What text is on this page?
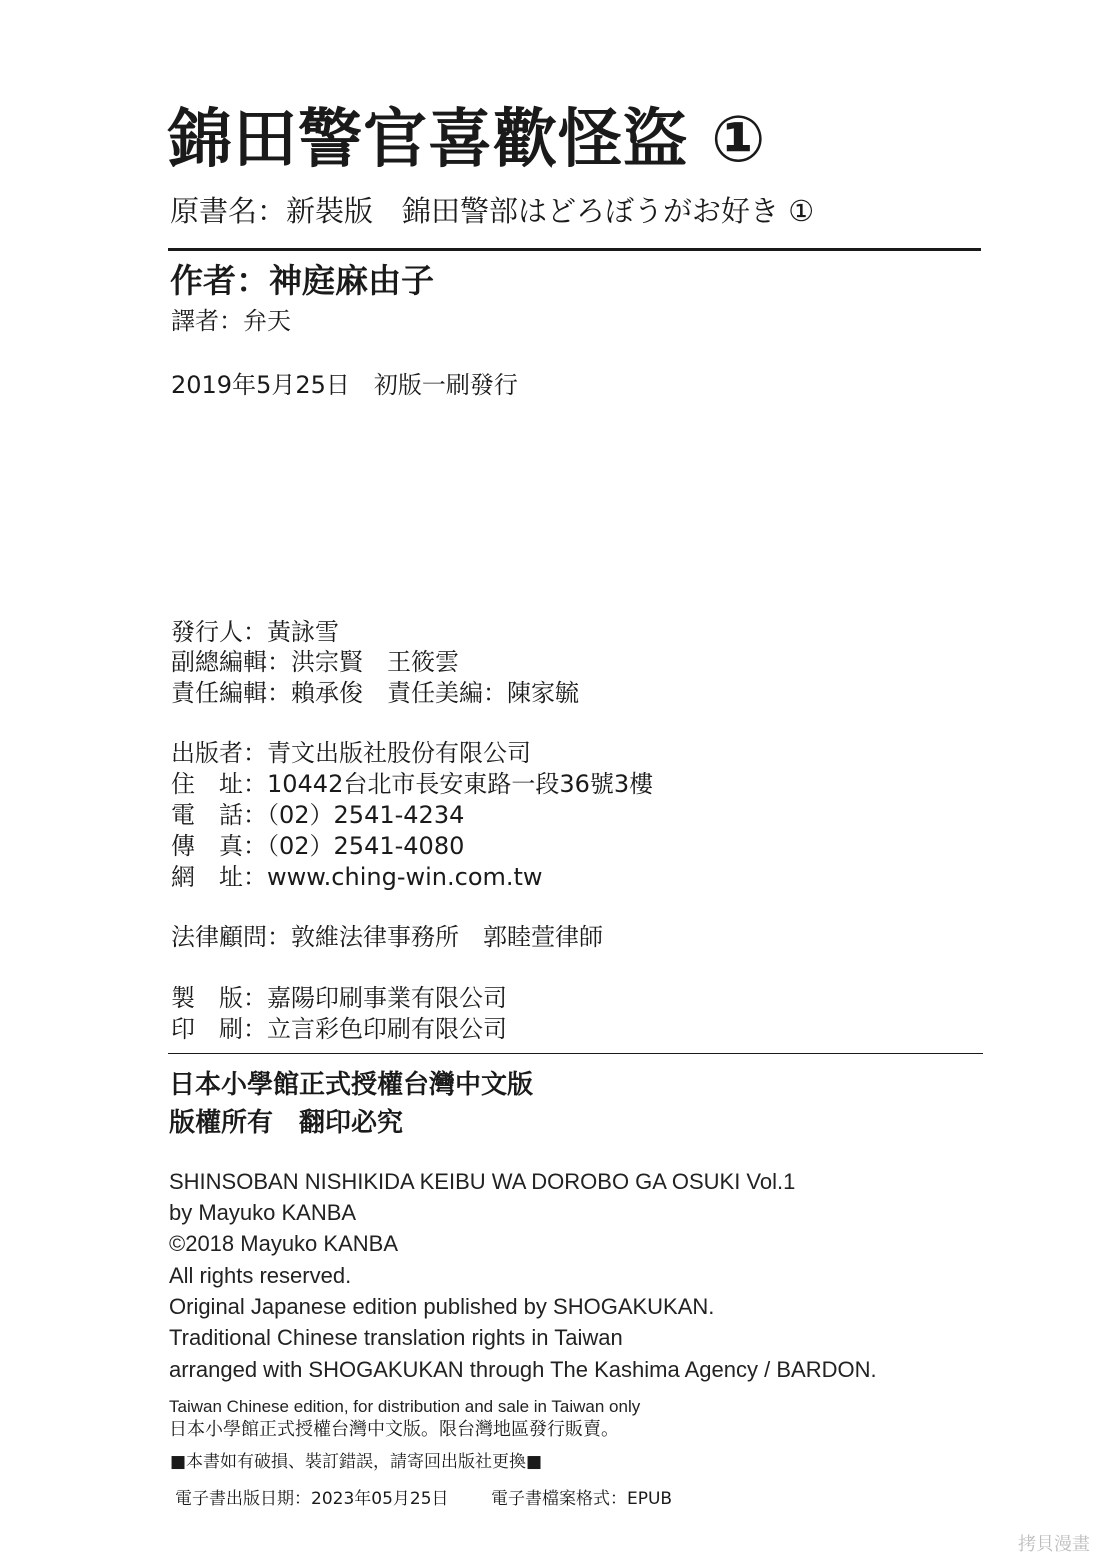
錦田警官喜歡怪盜 ①
原書名：新裝版　錦田警部はどろぼうがお好き ①
作者：神庭麻由子
譯者：弁天
2019年5月25日　初版一刷發行
發行人：黃詠雪
副總編輯：洪宗賢　王筱雲
責任編輯：賴承俊　責任美編：陳家毓
出版者：青文出版社股份有限公司
住　址：10442台北市長安東路一段36號3樓
電　話：（02）2541-4234
傳　真：（02）2541-4080
網　址：www.ching-win.com.tw
法律顧問：敦維法律事務所　郭睦萱律師
製　版：嘉陽印刷事業有限公司
印　刷：立言彩色印刷有限公司
日本小學館正式授權台灣中文版
版權所有　翻印必究
SHINSOBAN NISHIKIDA KEIBU WA DOROBO GA OSUKI Vol.1
by Mayuko KANBA
©2018 Mayuko KANBA
All rights reserved.
Original Japanese edition published by SHOGAKUKAN.
Traditional Chinese translation rights in Taiwan
arranged with SHOGAKUKAN through The Kashima Agency / BARDON.
Taiwan Chinese edition, for distribution and sale in Taiwan only
日本小學館正式授權台灣中文版。限台灣地區發行販賣。
■本書如有破損、裝訂錯誤，請寄回出版社更換■
電子書出版日期：2023年05月25日 電子書檔案格式：EPUB
拷貝漫畫
